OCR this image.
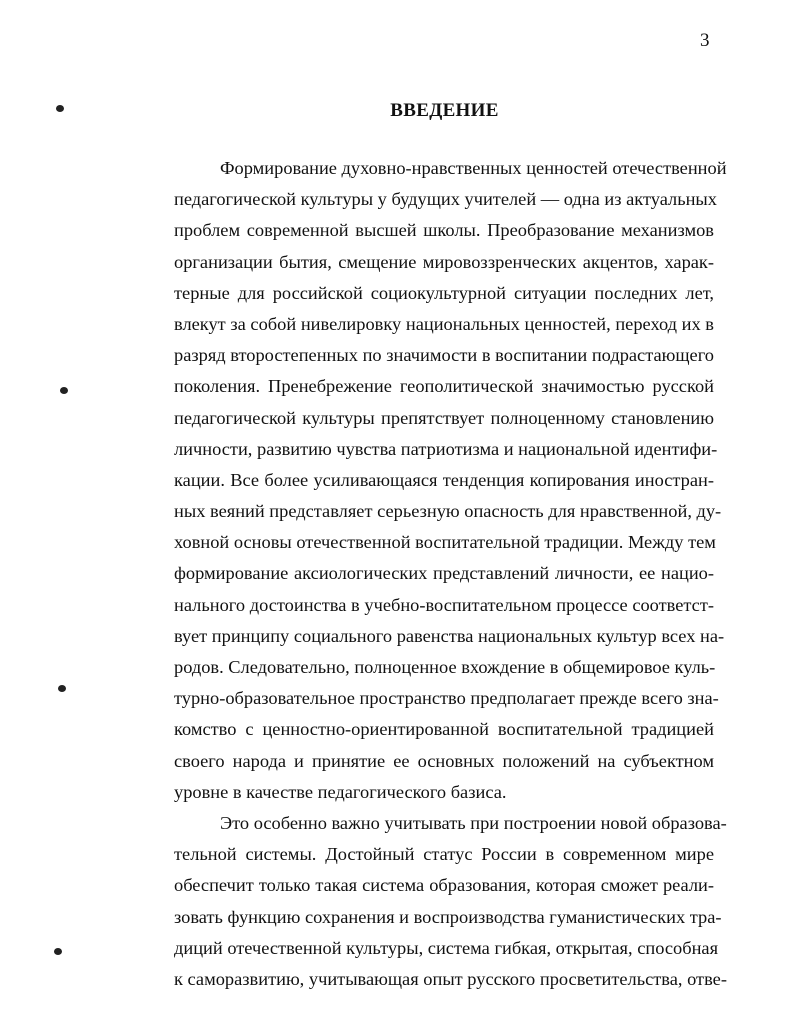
3
ВВЕДЕНИЕ
Формирование духовно-нравственных ценностей отечественной
педагогической культуры у будущих учителей — одна из актуальных
проблем современной высшей школы. Преобразование механизмов
организации бытия, смещение мировоззренческих акцентов, харак-
терные для российской социокультурной ситуации последних лет,
влекут за собой нивелировку национальных ценностей, переход их в
разряд второстепенных по значимости в воспитании подрастающего
поколения. Пренебрежение геополитической значимостью русской
педагогической культуры препятствует полноценному становлению
личности, развитию чувства патриотизма и национальной идентифи-
кации. Все более усиливающаяся тенденция копирования иностран-
ных веяний представляет серьезную опасность для нравственной, ду-
ховной основы отечественной воспитательной традиции. Между тем
формирование аксиологических представлений личности, ее нацио-
нального достоинства в учебно-воспитательном процессе соответст-
вует принципу социального равенства национальных культур всех на-
родов. Следовательно, полноценное вхождение в общемировое куль-
турно-образовательное пространство предполагает прежде всего зна-
комство с ценностно-ориентированной воспитательной традицией
своего народа и принятие ее основных положений на субъектном
уровне в качестве педагогического базиса.
Это особенно важно учитывать при построении новой образова-
тельной системы. Достойный статус России в современном мире
обеспечит только такая система образования, которая сможет реали-
зовать функцию сохранения и воспроизводства гуманистических тра-
диций отечественной культуры, система гибкая, открытая, способная
к саморазвитию, учитывающая опыт русского просветительства, отве-
